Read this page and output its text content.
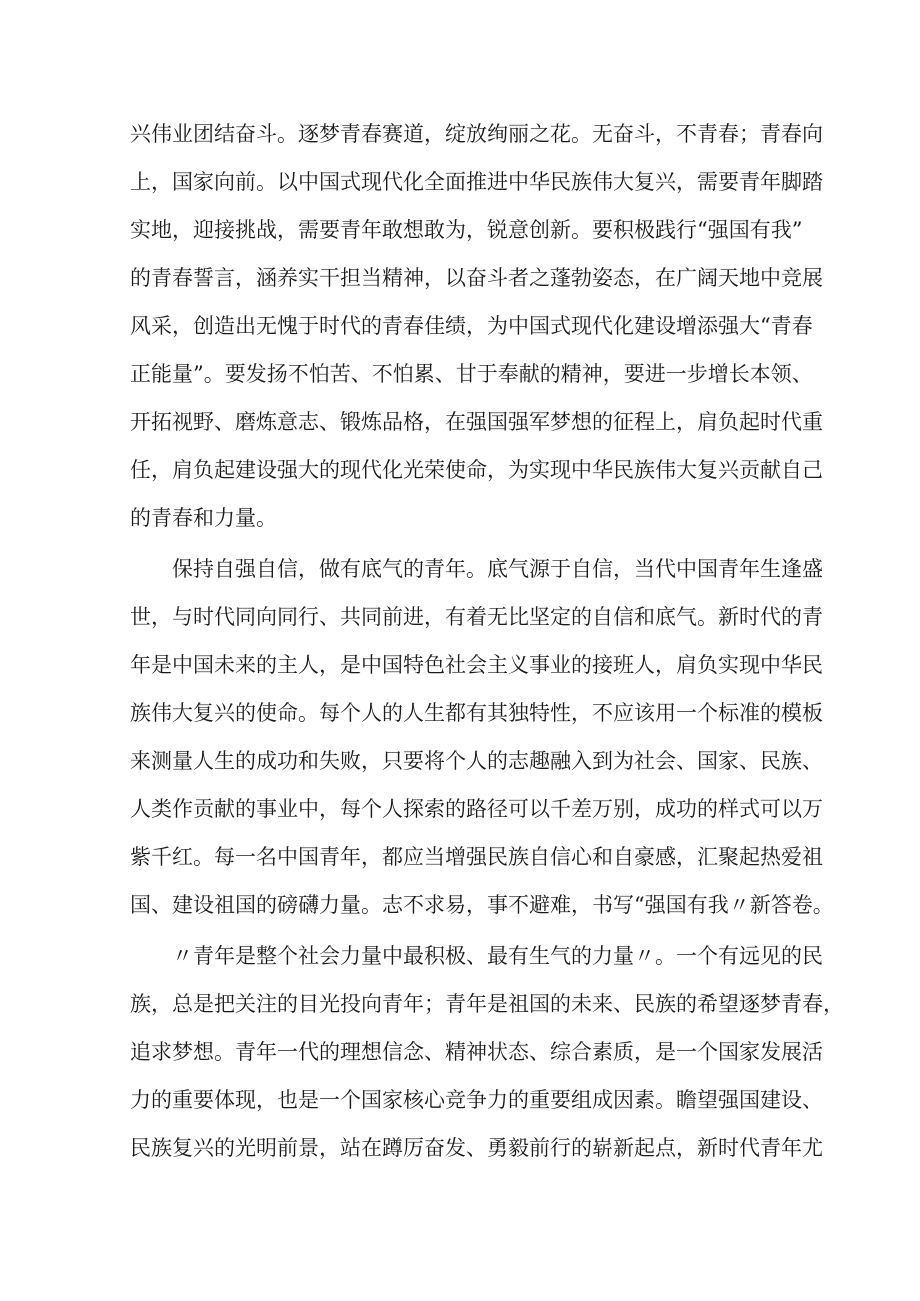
兴 伟 业 团 结 奋 斗 。 逐 梦 青 春 赛 道 ， 绽 放 绚 丽 之 花 。 无 奋 斗 ， 不 青 春 ； 青 春 向
上 ， 国 家 向 前 。 以 中 国 式 现 代 化 全 面 推 进 中 华 民 族 伟 大 复 兴 ， 需 要 青 年 脚 踏
实 地 ， 迎 接 挑 战 ， 需 要 青 年 敢 想 敢 为 ， 锐 意 创 新 。 要 积 极 践 行 “ 强 国 有 我 ”
的 青 春 誓 言 ， 涵 养 实 干 担 当 精 神 ， 以 奋 斗 者 之 蓬 勃 姿 态 ， 在 广 阔 天 地 中 竞 展
风 采 ， 创 造 出 无 愧 于 时 代 的 青 春 佳 绩 ， 为 中 国 式 现 代 化 建 设 增 添 强 大 “ 青 春
正 能 量 ” 。 要 发 扬 不 怕 苦 、 不 怕 累 、 甘 于 奉 献 的 精 神 ， 要 进 一 步 增 长 本 领 、
开 拓 视 野 、 磨 炼 意 志 、 锻 炼 品 格 ， 在 强 国 强 军 梦 想 的 征 程 上 ， 肩 负 起 时 代 重
任 ， 肩 负 起 建 设 强 大 的 现 代 化 光 荣 使 命 ， 为 实 现 中 华 民 族 伟 大 复 兴 贡 献 自 己
的青春和力量。
保 持 自 强 自 信 ， 做 有 底 气 的 青 年 。 底 气 源 于 自 信 ， 当 代 中 国 青 年 生 逢 盛
世 ， 与 时 代 同 向 同 行 、 共 同 前 进 ， 有 着 无 比 坚 定 的 自 信 和 底 气 。 新 时 代 的 青
年 是 中 国 未 来 的 主 人 ， 是 中 国 特 色 社 会 主 义 事 业 的 接 班 人 ， 肩 负 实 现 中 华 民
族 伟 大 复 兴 的 使 命 。 每 个 人 的 人 生 都 有 其 独 特 性 ， 不 应 该 用 一 个 标 准 的 模 板
来 测 量 人 生 的 成 功 和 失 败 ， 只 要 将 个 人 的 志 趣 融 入 到 为 社 会 、 国 家 、 民 族 、
人 类 作 贡 献 的 事 业 中 ， 每 个 人 探 索 的 路 径 可 以 千 差 万 别 ， 成 功 的 样 式 可 以 万
紫 千 红 。 每 一 名 中 国 青 年 ， 都 应 当 增 强 民 族 自 信 心 和 自 豪 感 ， 汇 聚 起 热 爱 祖
国 、 建 设 祖 国 的 磅 礴 力 量 。 志 不 求 易 ， 事 不 避 难 ， 书 写 “ 强 国 有 我 〃 新 答 卷 。
〃 青 年 是 整 个 社 会 力 量 中 最 积 极 、 最 有 生 气 的 力 量 〃 。 一 个 有 远 见 的 民
族 ， 总 是 把 关 注 的 目 光 投 向 青 年 ； 青 年 是 祖 国 的 未 来 、 民 族 的 希 望 逐 梦 青 春 ，
追 求 梦 想 。 青 年 一 代 的 理 想 信 念 、 精 神 状 态 、 综 合 素 质 ， 是 一 个 国 家 发 展 活
力 的 重 要 体 现 ， 也 是 一 个 国 家 核 心 竞 争 力 的 重 要 组 成 因 素 。 瞻 望 强 国 建 设 、
民 族 复 兴 的 光 明 前 景 ， 站 在 蹲 厉 奋 发 、 勇 毅 前 行 的 崭 新 起 点 ， 新 时 代 青 年 尤
